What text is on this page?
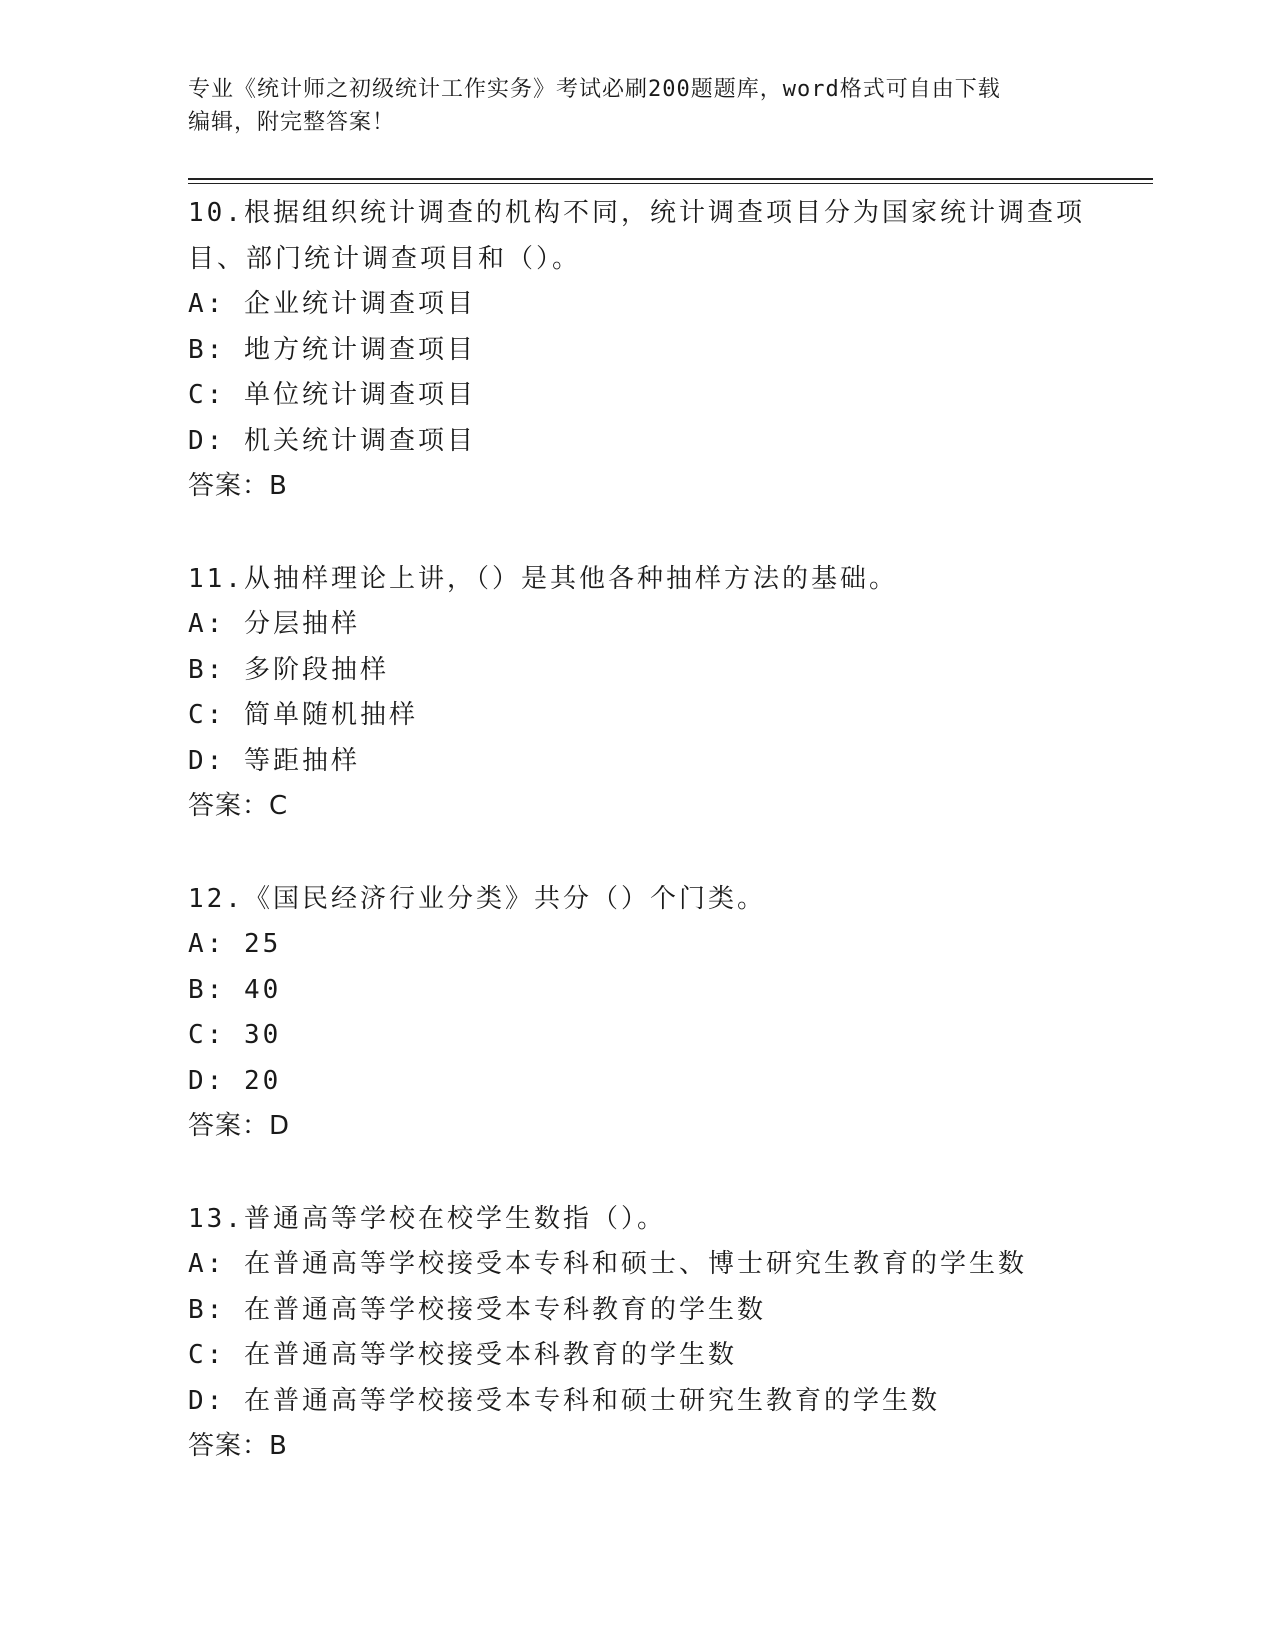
专业《统计师之初级统计工作实务》考试必刷200题题库，word格式可自由下载
编辑，附完整答案！
10.根据组织统计调查的机构不同，统计调查项目分为国家统计调查项
目、部门统计调查项目和（）。
A: 企业统计调查项目
B: 地方统计调查项目
C: 单位统计调查项目
D: 机关统计调查项目
答案：B
11.从抽样理论上讲，（）是其他各种抽样方法的基础。
A: 分层抽样
B: 多阶段抽样
C: 简单随机抽样
D: 等距抽样
答案：C
12.《国民经济行业分类》共分（）个门类。
A: 25
B: 40
C: 30
D: 20
答案：D
13.普通高等学校在校学生数指（）。
A: 在普通高等学校接受本专科和硕士、博士研究生教育的学生数
B: 在普通高等学校接受本专科教育的学生数
C: 在普通高等学校接受本科教育的学生数
D: 在普通高等学校接受本专科和硕士研究生教育的学生数
答案：B
